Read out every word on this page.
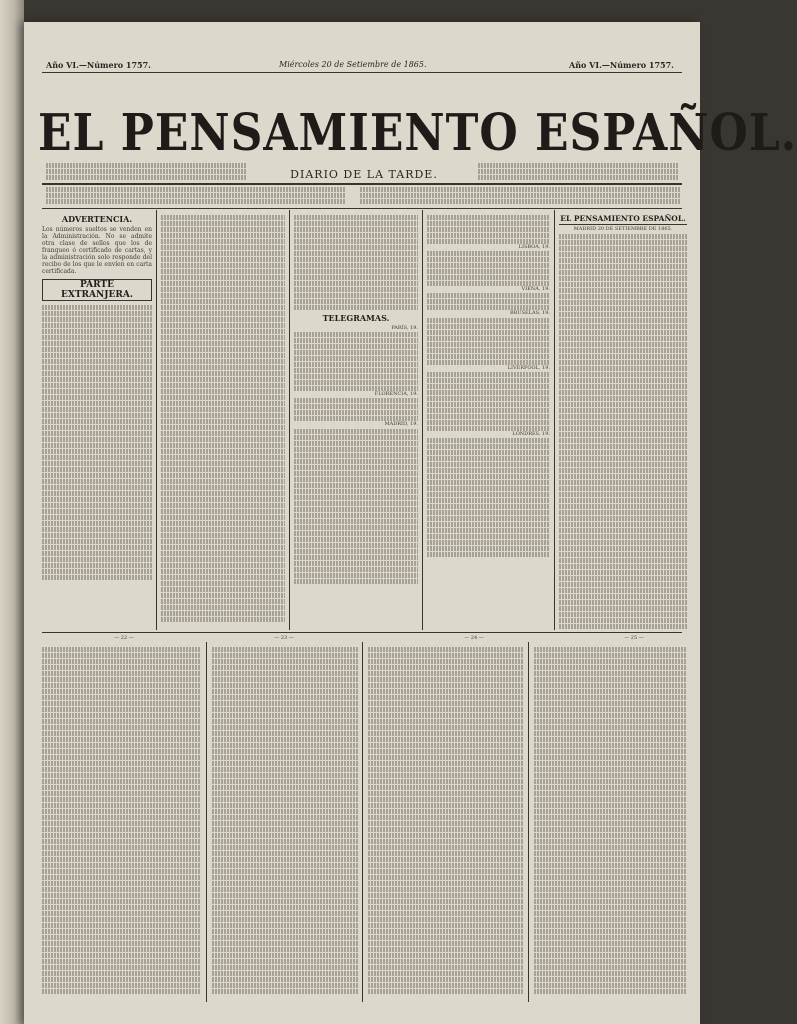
Año VI.—Número 1757.	Miércoles 20 de Setiembre de 1865.	Año VI.—Número 1757.
EL PENSAMIENTO ESPAÑOL.
DIARIO DE LA TARDE.
ADVERTENCIA.
Los números sueltos se venden en la Administración. No se admite otra clase de sellos que los de franqueo ó certificado de cartas, y la administración solo responde del recibo de los que le envíen en carta certificada.
PARTE EXTRANJERA.
TELEGRAMAS.
PARÍS, 19.
FLORENCIA, 19.
MADRID, 19.
LISBOA, 19.
VIENA, 19.
BRUSELAS, 19.
LIVERPOOL, 19.
LÓNDRES, 19.
EL PENSAMIENTO ESPAÑOL.
MADRID 20 DE SETIEMBRE DE 1865.
— 22 —	— 23 —	— 24 —	— 25 —
